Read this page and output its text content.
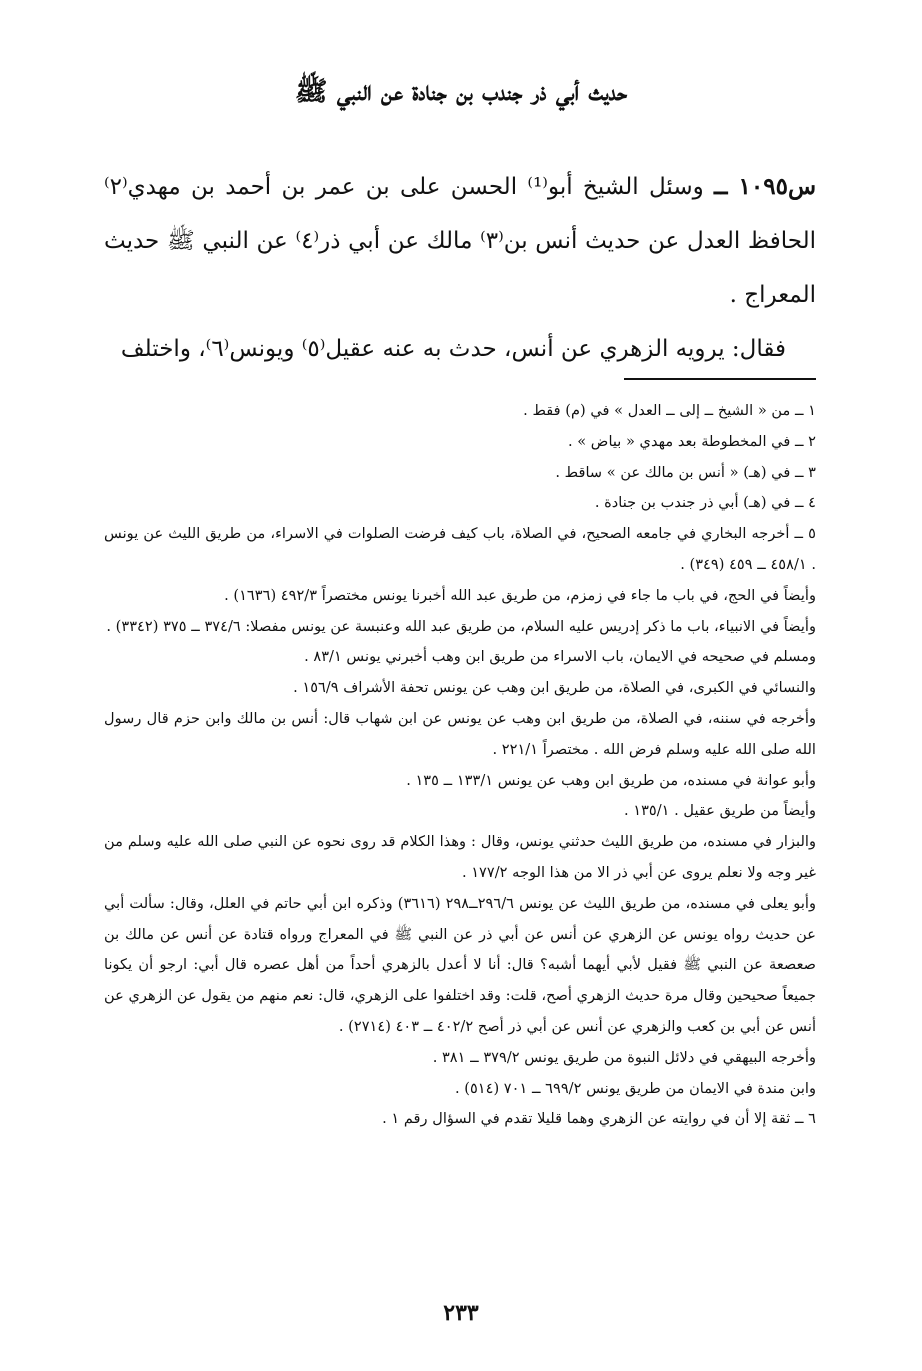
حديث أبي ذر جندب بن جنادة عن النبي ﷺ

س١٠٩٥ ــ وسئل الشيخ أبو⁽¹⁾ الحسن على بن عمر بن أحمد بن مهدي⁽٢⁾ الحافظ العدل عن حديث أنس بن⁽٣⁾ مالك عن أبي ذر⁽٤⁾ عن النبي ﷺ حديث المعراج .

فقال: يرويه الزهري عن أنس، حدث به عنه عقيل⁽٥⁾ ويونس⁽٦⁾، واختلف

١ ــ من « الشيخ ــ إلى ــ العدل » في (م) فقط .
٢ ــ في المخطوطة بعد مهدي « بياض » .
٣ ــ في (هـ) « أنس بن مالك عن » ساقط .
٤ ــ في (هـ) أبي ذر جندب بن جنادة .
٥ ــ أخرجه البخاري في جامعه الصحيح، في الصلاة، باب كيف فرضت الصلوات في الاسراء، من طريق الليث عن يونس . ٤٥٨/١ ــ ٤٥٩ (٣٤٩) .
وأيضاً في الحج، في باب ما جاء في زمزم، من طريق عبد الله أخبرنا يونس مختصراً ٤٩٢/٣ (١٦٣٦) .
وأيضاً في الانبياء، باب ما ذكر إدريس عليه السلام، من طريق عبد الله وعنبسة عن يونس مفصلا: ٣٧٤/٦ ــ ٣٧٥ (٣٣٤٢) .
ومسلم في صحيحه في الايمان، باب الاسراء من طريق ابن وهب أخبرني يونس ٨٣/١ .
والنسائي في الكبرى، في الصلاة، من طريق ابن وهب عن يونس تحفة الأشراف ١٥٦/٩ .
وأخرجه في سننه، في الصلاة، من طريق ابن وهب عن يونس عن ابن شهاب قال: أنس بن مالك وابن حزم قال رسول الله صلى الله عليه وسلم فرض الله . مختصراً ٢٢١/١ .
وأبو عوانة في مسنده، من طريق ابن وهب عن يونس ١٣٣/١ ــ ١٣٥ .
وأيضاً من طريق عقيل . ١٣٥/١ .
والبزار في مسنده، من طريق الليث حدثني يونس، وقال : وهذا الكلام قد روى نحوه عن النبي صلى الله عليه وسلم من غير وجه ولا نعلم يروى عن أبي ذر الا من هذا الوجه ١٧٧/٢ .
وأبو يعلى في مسنده، من طريق الليث عن يونس ٢٩٦/٦ــ٢٩٨ (٣٦١٦) وذكره ابن أبي حاتم في العلل، وقال: سألت أبي عن حديث رواه يونس عن الزهري عن أنس عن أبي ذر عن النبي ﷺ في المعراج ورواه قتادة عن أنس عن مالك بن صعصعة عن النبي ﷺ فقيل لأبي أيهما أشبه؟ قال: أنا لا أعدل بالزهري أحداً من أهل عصره قال أبي: ارجو أن يكونا جميعاً صحيحين وقال مرة حديث الزهري أصح، قلت: وقد اختلفوا على الزهري، قال: نعم منهم من يقول عن الزهري عن أنس عن أبي بن كعب والزهري عن أنس عن أبي ذر أصح ٤٠٢/٢ ــ ٤٠٣ (٢٧١٤) .
وأخرجه البيهقي في دلائل النبوة من طريق يونس ٣٧٩/٢ ــ ٣٨١ .
وابن مندة في الايمان من طريق يونس ٦٩٩/٢ ــ ٧٠١ (٥١٤) .
٦ ــ ثقة إلا أن في روايته عن الزهري وهما قليلا تقدم في السؤال رقم ١ .
٢٣٣
